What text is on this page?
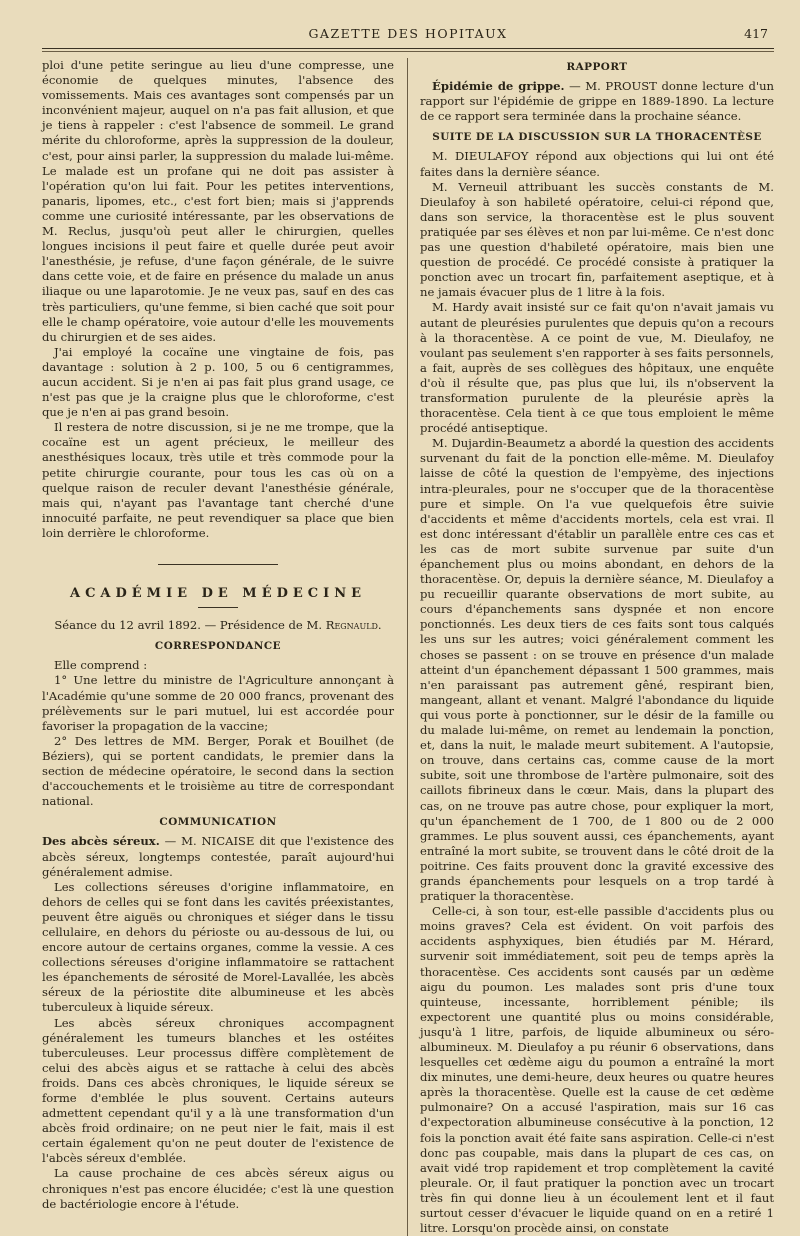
GAZETTE DES HOPITAUX	417

ploi d'une petite seringue au lieu d'une compresse, une économie de quelques minutes, l'absence des vomissements. Mais ces avantages sont compensés par un inconvénient majeur, auquel on n'a pas fait allusion, et que je tiens à rappeler : c'est l'absence de sommeil. Le grand mérite du chloroforme, après la suppression de la douleur, c'est, pour ainsi parler, la suppression du malade lui-même. Le malade est un profane qui ne doit pas assister à l'opération qu'on lui fait. Pour les petites interventions, panaris, lipomes, etc., c'est fort bien; mais si j'apprends comme une curiosité intéressante, par les observations de M. Reclus, jusqu'où peut aller le chirurgien, quelles longues incisions il peut faire et quelle durée peut avoir l'anesthésie, je refuse, d'une façon générale, de le suivre dans cette voie, et de faire en présence du malade un anus iliaque ou une laparotomie. Je ne veux pas, sauf en des cas très particuliers, qu'une femme, si bien caché que soit pour elle le champ opératoire, voie autour d'elle les mouvements du chirurgien et de ses aides.

J'ai employé la cocaïne une vingtaine de fois, pas davantage : solution à 2 p. 100, 5 ou 6 centigrammes, aucun accident. Si je n'en ai pas fait plus grand usage, ce n'est pas que je la craigne plus que le chloroforme, c'est que je n'en ai pas grand besoin.

Il restera de notre discussion, si je ne me trompe, que la cocaïne est un agent précieux, le meilleur des anesthésiques locaux, très utile et très commode pour la petite chirurgie courante, pour tous les cas où on a quelque raison de reculer devant l'anesthésie générale, mais qui, n'ayant pas l'avantage tant cherché d'une innocuité parfaite, ne peut revendiquer sa place que bien loin derrière le chloroforme.

ACADÉMIE DE MÉDECINE

Séance du 12 avril 1892. — Présidence de M. Regnauld.

CORRESPONDANCE

Elle comprend :

1° Une lettre du ministre de l'Agriculture annonçant à l'Académie qu'une somme de 20 000 francs, provenant des prélèvements sur le pari mutuel, lui est accordée pour favoriser la propagation de la vaccine;

2° Des lettres de MM. Berger, Porak et Bouilhet (de Béziers), qui se portent candidats, le premier dans la section de médecine opératoire, le second dans la section d'accouchements et le troisième au titre de correspondant national.

COMMUNICATION

Des abcès séreux. — M. NICAISE dit que l'existence des abcès séreux, longtemps contestée, paraît aujourd'hui généralement admise.

Les collections séreuses d'origine inflammatoire, en dehors de celles qui se font dans les cavités préexistantes, peuvent être aiguës ou chroniques et siéger dans le tissu cellulaire, en dehors du périoste ou au-dessous de lui, ou encore autour de certains organes, comme la vessie. A ces collections séreuses d'origine inflammatoire se rattachent les épanchements de sérosité de Morel-Lavallée, les abcès séreux de la périostite dite albumineuse et les abcès tuberculeux à liquide séreux.

Les abcès séreux chroniques accompagnent généralement les tumeurs blanches et les ostéites tuberculeuses. Leur processus diffère complètement de celui des abcès aigus et se rattache à celui des abcès froids. Dans ces abcès chroniques, le liquide séreux se forme d'emblée le plus souvent. Certains auteurs admettent cependant qu'il y a là une transformation d'un abcès froid ordinaire; on ne peut nier le fait, mais il est certain également qu'on ne peut douter de l'existence de l'abcès séreux d'emblée.

La cause prochaine de ces abcès séreux aigus ou chroniques n'est pas encore élucidée; c'est là une question de bactériologie encore à l'étude.

RAPPORT

Épidémie de grippe. — M. PROUST donne lecture d'un rapport sur l'épidémie de grippe en 1889-1890. La lecture de ce rapport sera terminée dans la prochaine séance.

SUITE DE LA DISCUSSION SUR LA THORACENTÈSE

M. DIEULAFOY répond aux objections qui lui ont été faites dans la dernière séance.

M. Verneuil attribuant les succès constants de M. Dieulafoy à son habileté opératoire, celui-ci répond que, dans son service, la thoracentèse est le plus souvent pratiquée par ses élèves et non par lui-même. Ce n'est donc pas une question d'habileté opératoire, mais bien une question de procédé. Ce procédé consiste à pratiquer la ponction avec un trocart fin, parfaitement aseptique, et à ne jamais évacuer plus de 1 litre à la fois.

M. Hardy avait insisté sur ce fait qu'on n'avait jamais vu autant de pleurésies purulentes que depuis qu'on a recours à la thoracentèse. A ce point de vue, M. Dieulafoy, ne voulant pas seulement s'en rapporter à ses faits personnels, a fait, auprès de ses collègues des hôpitaux, une enquête d'où il résulte que, pas plus que lui, ils n'observent la transformation purulente de la pleurésie après la thoracentèse. Cela tient à ce que tous emploient le même procédé antiseptique.

M. Dujardin-Beaumetz a abordé la question des accidents survenant du fait de la ponction elle-même. M. Dieulafoy laisse de côté la question de l'empyème, des injections intra-pleurales, pour ne s'occuper que de la thoracentèse pure et simple. On l'a vue quelquefois être suivie d'accidents et même d'accidents mortels, cela est vrai. Il est donc intéressant d'établir un parallèle entre ces cas et les cas de mort subite survenue par suite d'un épanchement plus ou moins abondant, en dehors de la thoracentèse. Or, depuis la dernière séance, M. Dieulafoy a pu recueillir quarante observations de mort subite, au cours d'épanchements sans dyspnée et non encore ponctionnés. Les deux tiers de ces faits sont tous calqués les uns sur les autres; voici généralement comment les choses se passent : on se trouve en présence d'un malade atteint d'un épanchement dépassant 1 500 grammes, mais n'en paraissant pas autrement gêné, respirant bien, mangeant, allant et venant. Malgré l'abondance du liquide qui vous porte à ponctionner, sur le désir de la famille ou du malade lui-même, on remet au lendemain la ponction, et, dans la nuit, le malade meurt subitement. A l'autopsie, on trouve, dans certains cas, comme cause de la mort subite, soit une thrombose de l'artère pulmonaire, soit des caillots fibrineux dans le cœur. Mais, dans la plupart des cas, on ne trouve pas autre chose, pour expliquer la mort, qu'un épanchement de 1 700, de 1 800 ou de 2 000 grammes. Le plus souvent aussi, ces épanchements, ayant entraîné la mort subite, se trouvent dans le côté droit de la poitrine. Ces faits prouvent donc la gravité excessive des grands épanchements pour lesquels on a trop tardé à pratiquer la thoracentèse.

Celle-ci, à son tour, est-elle passible d'accidents plus ou moins graves? Cela est évident. On voit parfois des accidents asphyxiques, bien étudiés par M. Hérard, survenir soit immédiatement, soit peu de temps après la thoracentèse. Ces accidents sont causés par un œdème aigu du poumon. Les malades sont pris d'une toux quinteuse, incessante, horriblement pénible; ils expectorent une quantité plus ou moins considérable, jusqu'à 1 litre, parfois, de liquide albumineux ou séro-albumineux. M. Dieulafoy a pu réunir 6 observations, dans lesquelles cet œdème aigu du poumon a entraîné la mort dix minutes, une demi-heure, deux heures ou quatre heures après la thoracentèse. Quelle est la cause de cet œdème pulmonaire? On a accusé l'aspiration, mais sur 16 cas d'expectoration albumineuse consécutive à la ponction, 12 fois la ponction avait été faite sans aspiration. Celle-ci n'est donc pas coupable, mais dans la plupart de ces cas, on avait vidé trop rapidement et trop complètement la cavité pleurale. Or, il faut pratiquer la ponction avec un trocart très fin qui donne lieu à un écoulement lent et il faut surtout cesser d'évacuer le liquide quand on en a retiré 1 litre. Lorsqu'on procède ainsi, on constate
